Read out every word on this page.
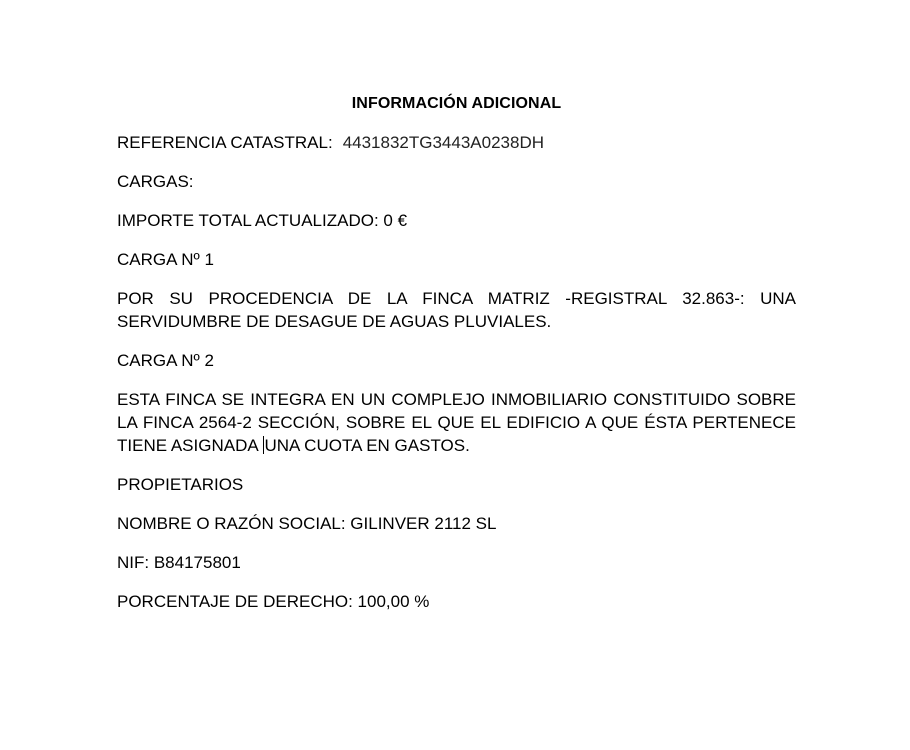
INFORMACIÓN ADICIONAL
REFERENCIA CATASTRAL: 4431832TG3443A0238DH
CARGAS:
IMPORTE TOTAL ACTUALIZADO: 0 €
CARGA Nº 1
POR SU PROCEDENCIA DE LA FINCA MATRIZ -REGISTRAL 32.863-: UNA SERVIDUMBRE DE DESAGUE DE AGUAS PLUVIALES.
CARGA Nº 2
ESTA FINCA SE INTEGRA EN UN COMPLEJO INMOBILIARIO CONSTITUIDO SOBRE LA FINCA 2564-2 SECCIÓN, SOBRE EL QUE EL EDIFICIO A QUE ÉSTA PERTENECE TIENE ASIGNADA UNA CUOTA EN GASTOS.
PROPIETARIOS
NOMBRE O RAZÓN SOCIAL: GILINVER 2112 SL
NIF: B84175801
PORCENTAJE DE DERECHO: 100,00 %
